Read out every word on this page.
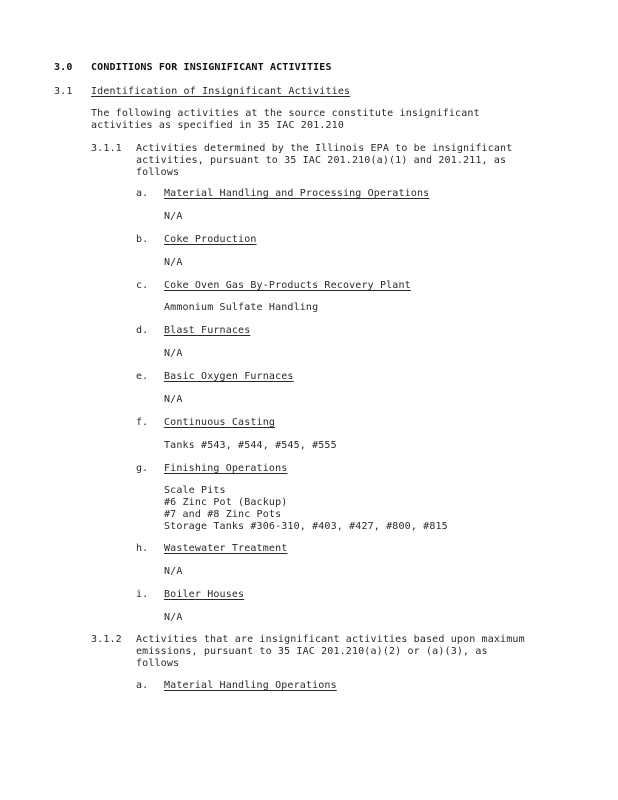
3.0 CONDITIONS FOR INSIGNIFICANT ACTIVITIES
3.1 Identification of Insignificant Activities
The following activities at the source constitute insignificant
activities as specified in 35 IAC 201.210
3.1.1 Activities determined by the Illinois EPA to be insignificant
activities, pursuant to 35 IAC 201.210(a)(1) and 201.211, as
follows
a. Material Handling and Processing Operations
N/A
b. Coke Production
N/A
c. Coke Oven Gas By-Products Recovery Plant
Ammonium Sulfate Handling
d. Blast Furnaces
N/A
e. Basic Oxygen Furnaces
N/A
f. Continuous Casting
Tanks #543, #544, #545, #555
g. Finishing Operations
Scale Pits
#6 Zinc Pot (Backup)
#7 and #8 Zinc Pots
Storage Tanks #306-310, #403, #427, #800, #815
h. Wastewater Treatment
N/A
i. Boiler Houses
N/A
3.1.2 Activities that are insignificant activities based upon maximum
emissions, pursuant to 35 IAC 201.210(a)(2) or (a)(3), as
follows
a. Material Handling Operations
